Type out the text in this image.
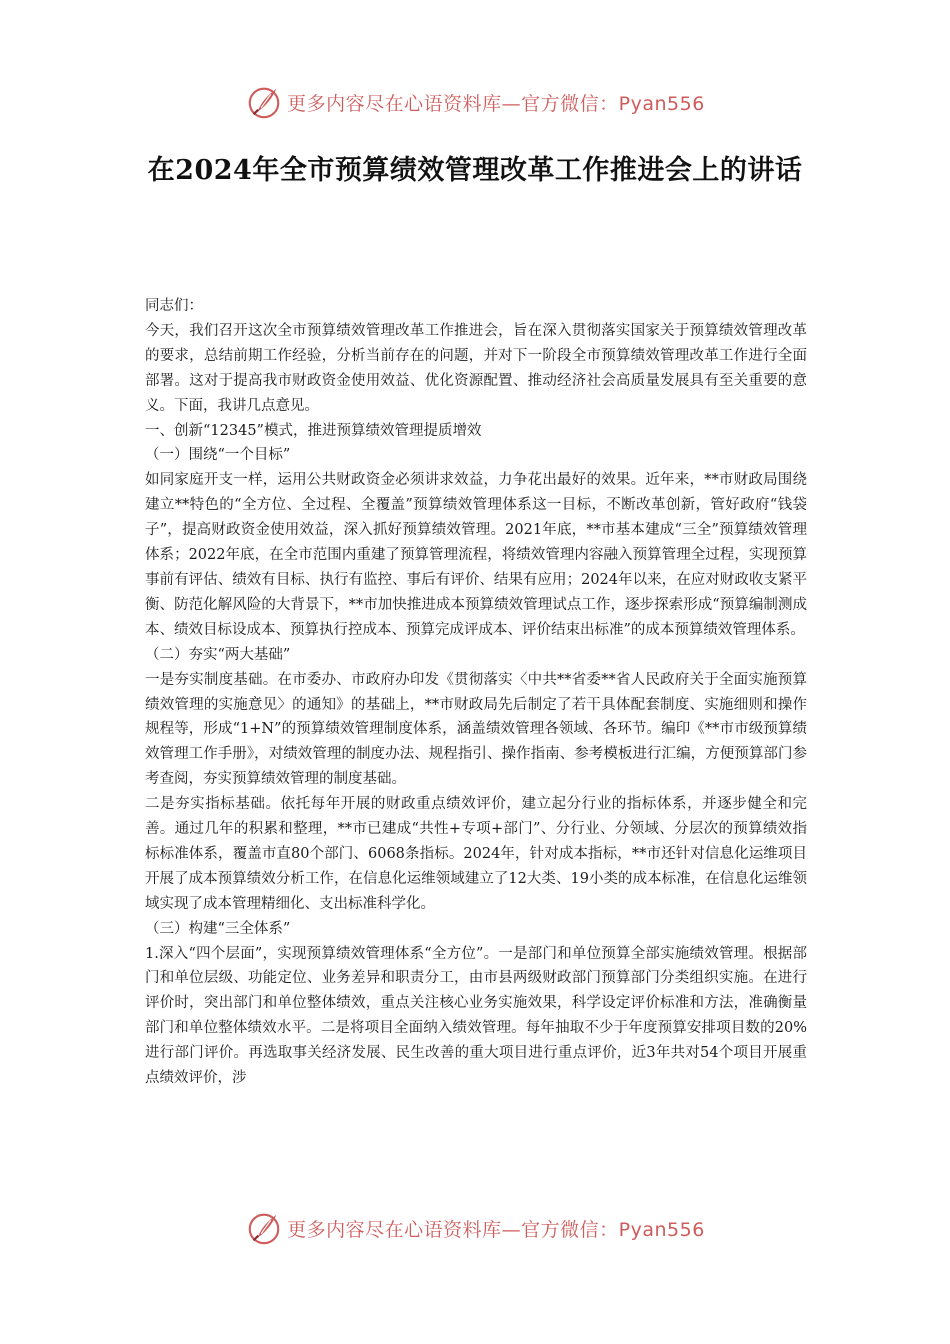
更多内容尽在心语资料库—官方微信：Pyan556
在2024年全市预算绩效管理改革工作推进会上的讲话

同志们：

今天，我们召开这次全市预算绩效管理改革工作推进会，旨在深入贯彻落实国家关于预算绩效管理改革的要求，总结前期工作经验，分析当前存在的问题，并对下一阶段全市预算绩效管理改革工作进行全面部署。这对于提高我市财政资金使用效益、优化资源配置、推动经济社会高质量发展具有至关重要的意义。下面，我讲几点意见。

一、创新“12345”模式，推进预算绩效管理提质增效

（一）围绕“一个目标”

如同家庭开支一样，运用公共财政资金必须讲求效益，力争花出最好的效果。近年来，**市财政局围绕建立**特色的“全方位、全过程、全覆盖”预算绩效管理体系这一目标，不断改革创新，管好政府“钱袋子”，提高财政资金使用效益，深入抓好预算绩效管理。2021年底，**市基本建成“三全”预算绩效管理体系；2022年底，在全市范围内重建了预算管理流程，将绩效管理内容融入预算管理全过程，实现预算事前有评估、绩效有目标、执行有监控、事后有评价、结果有应用；2024年以来，在应对财政收支紧平衡、防范化解风险的大背景下，**市加快推进成本预算绩效管理试点工作，逐步探索形成“预算编制测成本、绩效目标设成本、预算执行控成本、预算完成评成本、评价结束出标准”的成本预算绩效管理体系。

（二）夯实“两大基础”

一是夯实制度基础。在市委办、市政府办印发《贯彻落实〈中共**省委**省人民政府关于全面实施预算绩效管理的实施意见〉的通知》的基础上，**市财政局先后制定了若干具体配套制度、实施细则和操作规程等，形成“1+N”的预算绩效管理制度体系，涵盖绩效管理各领域、各环节。编印《**市市级预算绩效管理工作手册》，对绩效管理的制度办法、规程指引、操作指南、参考模板进行汇编，方便预算部门参考查阅，夯实预算绩效管理的制度基础。

二是夯实指标基础。依托每年开展的财政重点绩效评价，建立起分行业的指标体系，并逐步健全和完善。通过几年的积累和整理，**市已建成“共性+专项+部门”、分行业、分领域、分层次的预算绩效指标标准体系，覆盖市直80个部门、6068条指标。2024年，针对成本指标，**市还针对信息化运维项目开展了成本预算绩效分析工作，在信息化运维领域建立了12大类、19小类的成本标准，在信息化运维领域实现了成本管理精细化、支出标准科学化。

（三）构建“三全体系”

1.深入“四个层面”，实现预算绩效管理体系“全方位”。一是部门和单位预算全部实施绩效管理。根据部门和单位层级、功能定位、业务差异和职责分工，由市县两级财政部门预算部门分类组织实施。在进行评价时，突出部门和单位整体绩效，重点关注核心业务实施效果，科学设定评价标准和方法，准确衡量部门和单位整体绩效水平。二是将项目全面纳入绩效管理。每年抽取不少于年度预算安排项目数的20%进行部门评价。再选取事关经济发展、民生改善的重大项目进行重点评价，近3年共对54个项目开展重点绩效评价，涉

更多内容尽在心语资料库—官方微信：Pyan556
